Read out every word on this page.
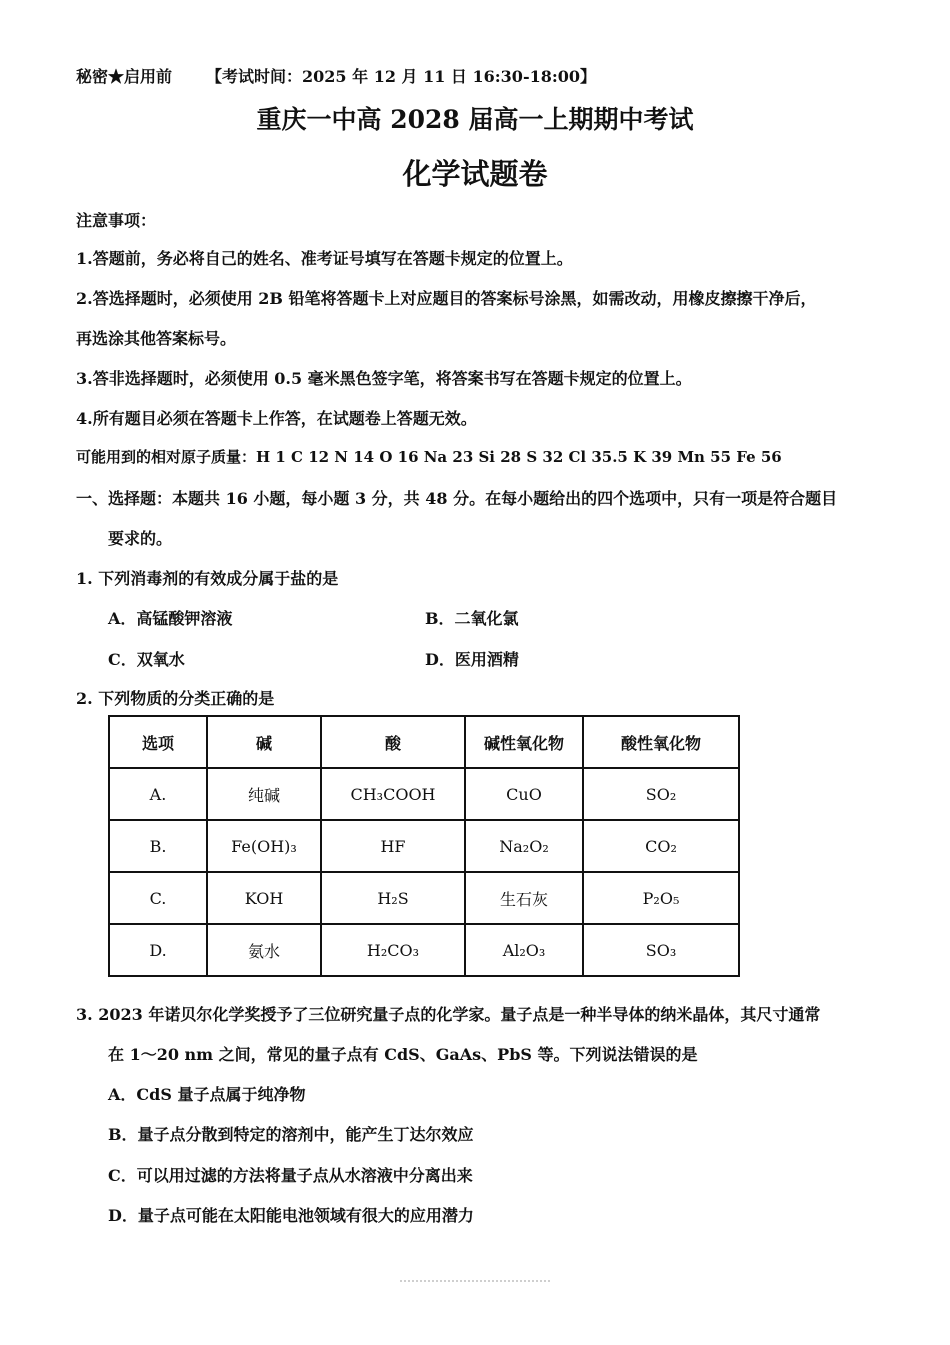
秘密★启用前 【考试时间：2025 年 12 月 11 日 16:30-18:00】
重庆一中高 2028 届高一上期期中考试
化学试题卷
注意事项：
1.答题前，务必将自己的姓名、准考证号填写在答题卡规定的位置上。
2.答选择题时，必须使用 2B 铅笔将答题卡上对应题目的答案标号涂黑，如需改动，用橡皮擦擦干净后，
再选涂其他答案标号。
3.答非选择题时，必须使用 0.5 毫米黑色签字笔，将答案书写在答题卡规定的位置上。
4.所有题目必须在答题卡上作答，在试题卷上答题无效。
可能用到的相对原子质量：H 1 C 12 N 14 O 16 Na 23 Si 28 S 32 Cl 35.5 K 39 Mn 55 Fe 56
一、选择题：本题共 16 小题，每小题 3 分，共 48 分。在每小题给出的四个选项中，只有一项是符合题目
要求的。
1. 下列消毒剂的有效成分属于盐的是
A．高锰酸钾溶液	B．二氧化氯
C．双氧水	D．医用酒精
2. 下列物质的分类正确的是
选项	碱	酸	碱性氧化物	酸性氧化物
A.	纯碱	CH₃COOH	CuO	SO₂
B.	Fe(OH)₃	HF	Na₂O₂	CO₂
C.	KOH	H₂S	生石灰	P₂O₅
D.	氨水	H₂CO₃	Al₂O₃	SO₃
3. 2023 年诺贝尔化学奖授予了三位研究量子点的化学家。量子点是一种半导体的纳米晶体，其尺寸通常
在 1～20 nm 之间，常见的量子点有 CdS、GaAs、PbS 等。下列说法错误的是
A．CdS 量子点属于纯净物
B．量子点分散到特定的溶剂中，能产生丁达尔效应
C．可以用过滤的方法将量子点从水溶液中分离出来
D．量子点可能在太阳能电池领域有很大的应用潜力
